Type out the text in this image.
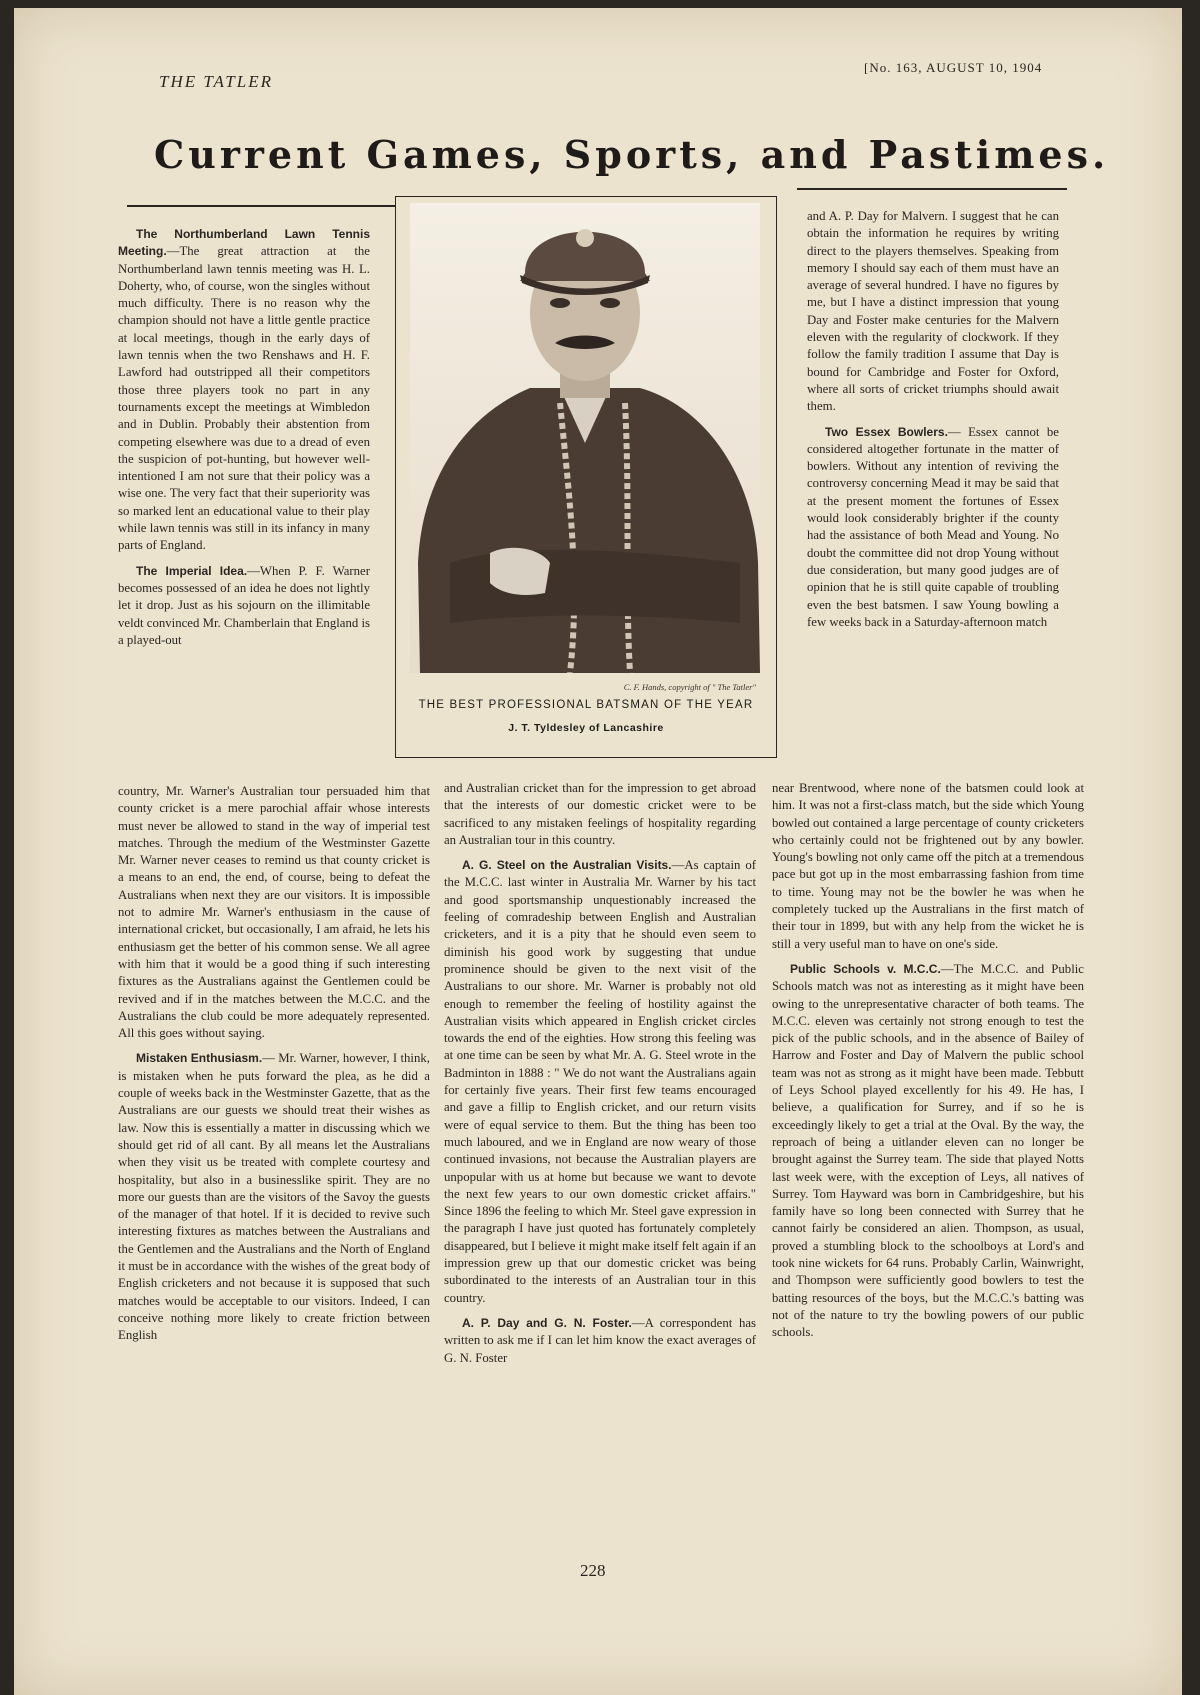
THE TATLER
[No. 163, AUGUST 10, 1904
Current Games, Sports, and Pastimes.

The Northumberland Lawn Tennis Meeting.—The great attraction at the Northumberland lawn tennis meeting was H. L. Doherty, who, of course, won the singles without much difficulty. There is no reason why the champion should not have a little gentle practice at local meetings, though in the early days of lawn tennis when the two Renshaws and H. F. Lawford had outstripped all their competitors those three players took no part in any tournaments except the meetings at Wimbledon and in Dublin. Probably their abstention from competing elsewhere was due to a dread of even the suspicion of pot-hunting, but however well-intentioned I am not sure that their policy was a wise one. The very fact that their superiority was so marked lent an educational value to their play while lawn tennis was still in its infancy in many parts of England.

The Imperial Idea.—When P. F. Warner becomes possessed of an idea he does not lightly let it drop. Just as his sojourn on the illimitable veldt convinced Mr. Chamberlain that England is a played-out

C. F. Hands, copyright of " The Tatler"
THE BEST PROFESSIONAL BATSMAN OF THE YEAR
J. T. Tyldesley of Lancashire

and A. P. Day for Malvern. I suggest that he can obtain the information he requires by writing direct to the players themselves. Speaking from memory I should say each of them must have an average of several hundred. I have no figures by me, but I have a distinct impression that young Day and Foster make centuries for the Malvern eleven with the regularity of clockwork. If they follow the family tradition I assume that Day is bound for Cambridge and Foster for Oxford, where all sorts of cricket triumphs should await them.

Two Essex Bowlers.— Essex cannot be considered altogether fortunate in the matter of bowlers. Without any intention of reviving the controversy concerning Mead it may be said that at the present moment the fortunes of Essex would look considerably brighter if the county had the assistance of both Mead and Young. No doubt the committee did not drop Young without due consideration, but many good judges are of opinion that he is still quite capable of troubling even the best batsmen. I saw Young bowling a few weeks back in a Saturday-afternoon match

country, Mr. Warner's Australian tour persuaded him that county cricket is a mere parochial affair whose interests must never be allowed to stand in the way of imperial test matches. Through the medium of the Westminster Gazette Mr. Warner never ceases to remind us that county cricket is a means to an end, the end, of course, being to defeat the Australians when next they are our visitors. It is impossible not to admire Mr. Warner's enthusiasm in the cause of international cricket, but occasionally, I am afraid, he lets his enthusiasm get the better of his common sense. We all agree with him that it would be a good thing if such interesting fixtures as the Australians against the Gentlemen could be revived and if in the matches between the M.C.C. and the Australians the club could be more adequately represented. All this goes without saying.

Mistaken Enthusiasm.— Mr. Warner, however, I think, is mistaken when he puts forward the plea, as he did a couple of weeks back in the Westminster Gazette, that as the Australians are our guests we should treat their wishes as law. Now this is essentially a matter in discussing which we should get rid of all cant. By all means let the Australians when they visit us be treated with complete courtesy and hospitality, but also in a businesslike spirit. They are no more our guests than are the visitors of the Savoy the guests of the manager of that hotel. If it is decided to revive such interesting fixtures as matches between the Australians and the Gentlemen and the Australians and the North of England it must be in accordance with the wishes of the great body of English cricketers and not because it is supposed that such matches would be acceptable to our visitors. Indeed, I can conceive nothing more likely to create friction between English

and Australian cricket than for the impression to get abroad that the interests of our domestic cricket were to be sacrificed to any mistaken feelings of hospitality regarding an Australian tour in this country.

A. G. Steel on the Australian Visits.—As captain of the M.C.C. last winter in Australia Mr. Warner by his tact and good sportsmanship unquestionably increased the feeling of comradeship between English and Australian cricketers, and it is a pity that he should even seem to diminish his good work by suggesting that undue prominence should be given to the next visit of the Australians to our shore. Mr. Warner is probably not old enough to remember the feeling of hostility against the Australian visits which appeared in English cricket circles towards the end of the eighties. How strong this feeling was at one time can be seen by what Mr. A. G. Steel wrote in the Badminton in 1888 : " We do not want the Australians again for certainly five years. Their first few teams encouraged and gave a fillip to English cricket, and our return visits were of equal service to them. But the thing has been too much laboured, and we in England are now weary of those continued invasions, not because the Australian players are unpopular with us at home but because we want to devote the next few years to our own domestic cricket affairs." Since 1896 the feeling to which Mr. Steel gave expression in the paragraph I have just quoted has fortunately completely disappeared, but I believe it might make itself felt again if an impression grew up that our domestic cricket was being subordinated to the interests of an Australian tour in this country.

A. P. Day and G. N. Foster.—A correspondent has written to ask me if I can let him know the exact averages of G. N. Foster

near Brentwood, where none of the batsmen could look at him. It was not a first-class match, but the side which Young bowled out contained a large percentage of county cricketers who certainly could not be frightened out by any bowler. Young's bowling not only came off the pitch at a tremendous pace but got up in the most embarrassing fashion from time to time. Young may not be the bowler he was when he completely tucked up the Australians in the first match of their tour in 1899, but with any help from the wicket he is still a very useful man to have on one's side.

Public Schools v. M.C.C.—The M.C.C. and Public Schools match was not as interesting as it might have been owing to the unrepresentative character of both teams. The M.C.C. eleven was certainly not strong enough to test the pick of the public schools, and in the absence of Bailey of Harrow and Foster and Day of Malvern the public school team was not as strong as it might have been made. Tebbutt of Leys School played excellently for his 49. He has, I believe, a qualification for Surrey, and if so he is exceedingly likely to get a trial at the Oval. By the way, the reproach of being a uitlander eleven can no longer be brought against the Surrey team. The side that played Notts last week were, with the exception of Leys, all natives of Surrey. Tom Hayward was born in Cambridgeshire, but his family have so long been connected with Surrey that he cannot fairly be considered an alien. Thompson, as usual, proved a stumbling block to the schoolboys at Lord's and took nine wickets for 64 runs. Probably Carlin, Wainwright, and Thompson were sufficiently good bowlers to test the batting resources of the boys, but the M.C.C.'s batting was not of the nature to try the bowling powers of our public schools.

228
